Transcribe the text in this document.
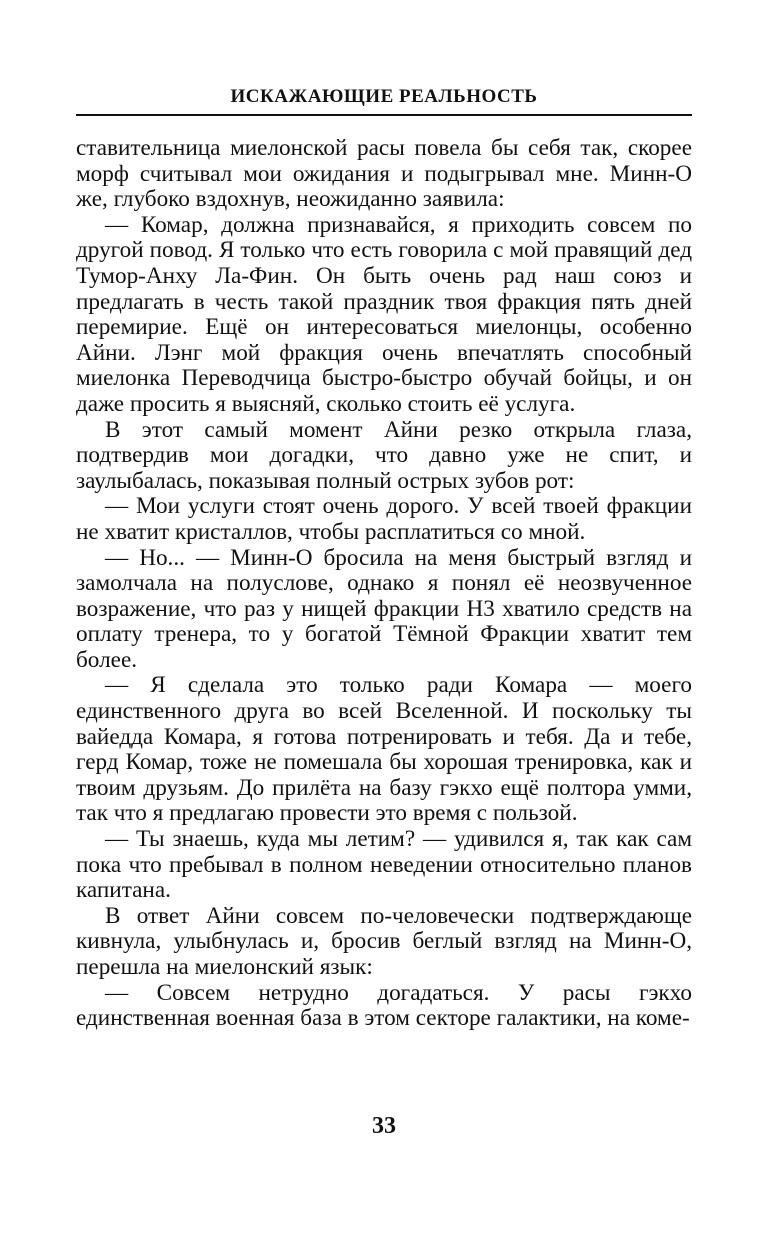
ИСКАЖАЮЩИЕ РЕАЛЬНОСТЬ

ставительница миелонской расы повела бы себя так, скорее морф считывал мои ожидания и подыгрывал мне. Минн-О же, глубоко вздохнув, неожиданно заявила:

— Комар, должна признавайся, я приходить совсем по другой повод. Я только что есть говорила с мой правящий дед Тумор-Анху Ла-Фин. Он быть очень рад наш союз и предлагать в честь такой праздник твоя фракция пять дней перемирие. Ещё он интересоваться миелонцы, особенно Айни. Лэнг мой фракция очень впечатлять способный миелонка Переводчица быстро-быстро обучай бойцы, и он даже просить я выясняй, сколько стоить её услуга.

В этот самый момент Айни резко открыла глаза, подтвердив мои догадки, что давно уже не спит, и заулыбалась, показывая полный острых зубов рот:

— Мои услуги стоят очень дорого. У всей твоей фракции не хватит кристаллов, чтобы расплатиться со мной.

— Но... — Минн-О бросила на меня быстрый взгляд и замолчала на полуслове, однако я понял её неозвученное возражение, что раз у нищей фракции Н3 хватило средств на оплату тренера, то у богатой Тёмной Фракции хватит тем более.

— Я сделала это только ради Комара — моего единственного друга во всей Вселенной. И поскольку ты вайедда Комара, я готова потренировать и тебя. Да и тебе, герд Комар, тоже не помешала бы хорошая тренировка, как и твоим друзьям. До прилёта на базу гэкхо ещё полтора умми, так что я предлагаю провести это время с пользой.

— Ты знаешь, куда мы летим? — удивился я, так как сам пока что пребывал в полном неведении относительно планов капитана.

В ответ Айни совсем по-человечески подтверждающе кивнула, улыбнулась и, бросив беглый взгляд на Минн-О, перешла на миелонский язык:

— Совсем нетрудно догадаться. У расы гэкхо единственная военная база в этом секторе галактики, на коме-

33
